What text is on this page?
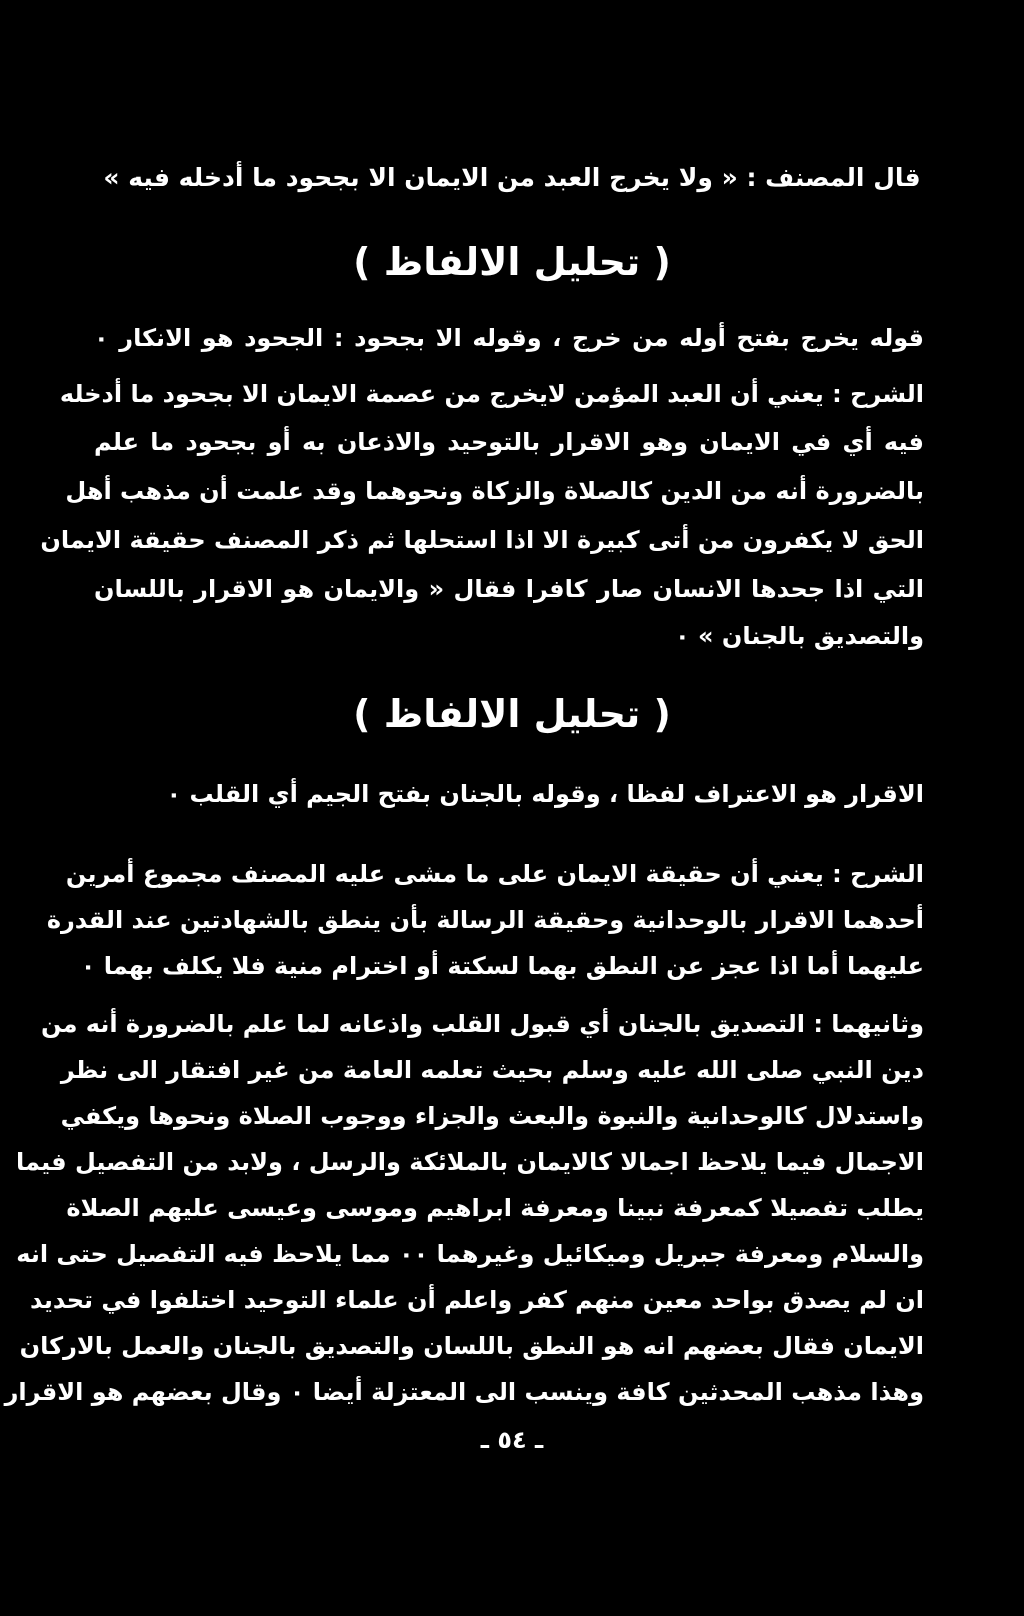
قال المصنف : « ولا يخرج العبد من الايمان الا بجحود ما أدخله فيه »
( تحليل الالفاظ )
قوله يخرج بفتح أوله من خرج ، وقوله الا بجحود : الجحود هو الانكار ٠
الشرح : يعني أن العبد المؤمن لايخرج من عصمة الايمان الا بجحود ما أدخله
فيه أي في الايمان وهو الاقرار بالتوحيد والاذعان به أو بجحود ما علم
بالضرورة أنه من الدين كالصلاة والزكاة ونحوهما وقد علمت أن مذهب أهل
الحق لا يكفرون من أتى كبيرة الا اذا استحلها ثم ذكر المصنف حقيقة الايمان
التي اذا جحدها الانسان صار كافرا فقال « والايمان هو الاقرار باللسان
والتصديق بالجنان » ٠
( تحليل الالفاظ )
الاقرار هو الاعتراف لفظا ، وقوله بالجنان بفتح الجيم أي القلب ٠
الشرح : يعني أن حقيقة الايمان على ما مشى عليه المصنف مجموع أمرين
أحدهما الاقرار بالوحدانية وحقيقة الرسالة بأن ينطق بالشهادتين عند القدرة
عليهما أما اذا عجز عن النطق بهما لسكتة أو اخترام منية فلا يكلف بهما ٠
وثانيهما : التصديق بالجنان أي قبول القلب واذعانه لما علم بالضرورة أنه من
دين النبي صلى الله عليه وسلم بحيث تعلمه العامة من غير افتقار الى نظر
واستدلال كالوحدانية والنبوة والبعث والجزاء ووجوب الصلاة ونحوها ويكفي
الاجمال فيما يلاحظ اجمالا كالايمان بالملائكة والرسل ، ولابد من التفصيل فيما
يطلب تفصيلا كمعرفة نبينا ومعرفة ابراهيم وموسى وعيسى عليهم الصلاة
والسلام ومعرفة جبريل وميكائيل وغيرهما ٠٠ مما يلاحظ فيه التفصيل حتى انه
ان لم يصدق بواحد معين منهم كفر واعلم أن علماء التوحيد اختلفوا في تحديد
الايمان فقال بعضهم انه هو النطق باللسان والتصديق بالجنان والعمل بالاركان
وهذا مذهب المحدثين كافة وينسب الى المعتزلة أيضا ٠ وقال بعضهم هو الاقرار
ـ ٥٤ ـ
